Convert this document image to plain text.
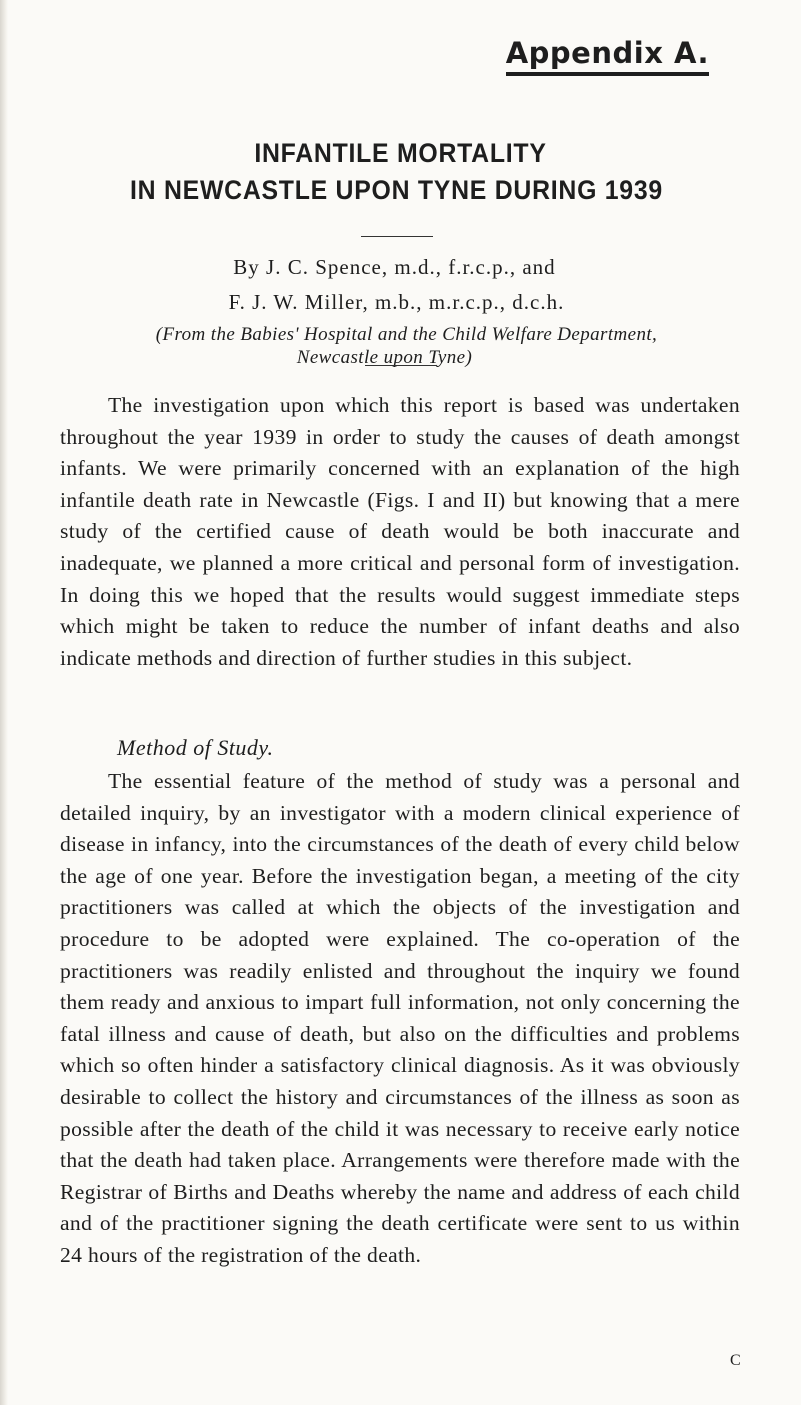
Appendix A.
INFANTILE MORTALITY
IN NEWCASTLE UPON TYNE DURING 1939
By J. C. Spence, m.d., f.r.c.p., and
F. J. W. Miller, m.b., m.r.c.p., d.c.h.
(From the Babies' Hospital and the Child Welfare Department,
Newcastle upon Tyne)

The investigation upon which this report is based was undertaken throughout the year 1939 in order to study the causes of death amongst infants. We were primarily concerned with an explanation of the high infantile death rate in Newcastle (Figs. I and II) but knowing that a mere study of the certified cause of death would be both inaccurate and inadequate, we planned a more critical and personal form of investigation. In doing this we hoped that the results would suggest immediate steps which might be taken to reduce the number of infant deaths and also indicate methods and direction of further studies in this subject.

Method of Study.

The essential feature of the method of study was a personal and detailed inquiry, by an investigator with a modern clinical experience of disease in infancy, into the circumstances of the death of every child below the age of one year. Before the investigation began, a meeting of the city practitioners was called at which the objects of the investigation and procedure to be adopted were explained. The co-operation of the practitioners was readily enlisted and throughout the inquiry we found them ready and anxious to impart full information, not only concerning the fatal illness and cause of death, but also on the difficulties and problems which so often hinder a satisfactory clinical diagnosis. As it was obviously desirable to collect the history and circumstances of the illness as soon as possible after the death of the child it was necessary to receive early notice that the death had taken place. Arrangements were therefore made with the Registrar of Births and Deaths whereby the name and address of each child and of the practitioner signing the death certificate were sent to us within 24 hours of the registration of the death.

C
